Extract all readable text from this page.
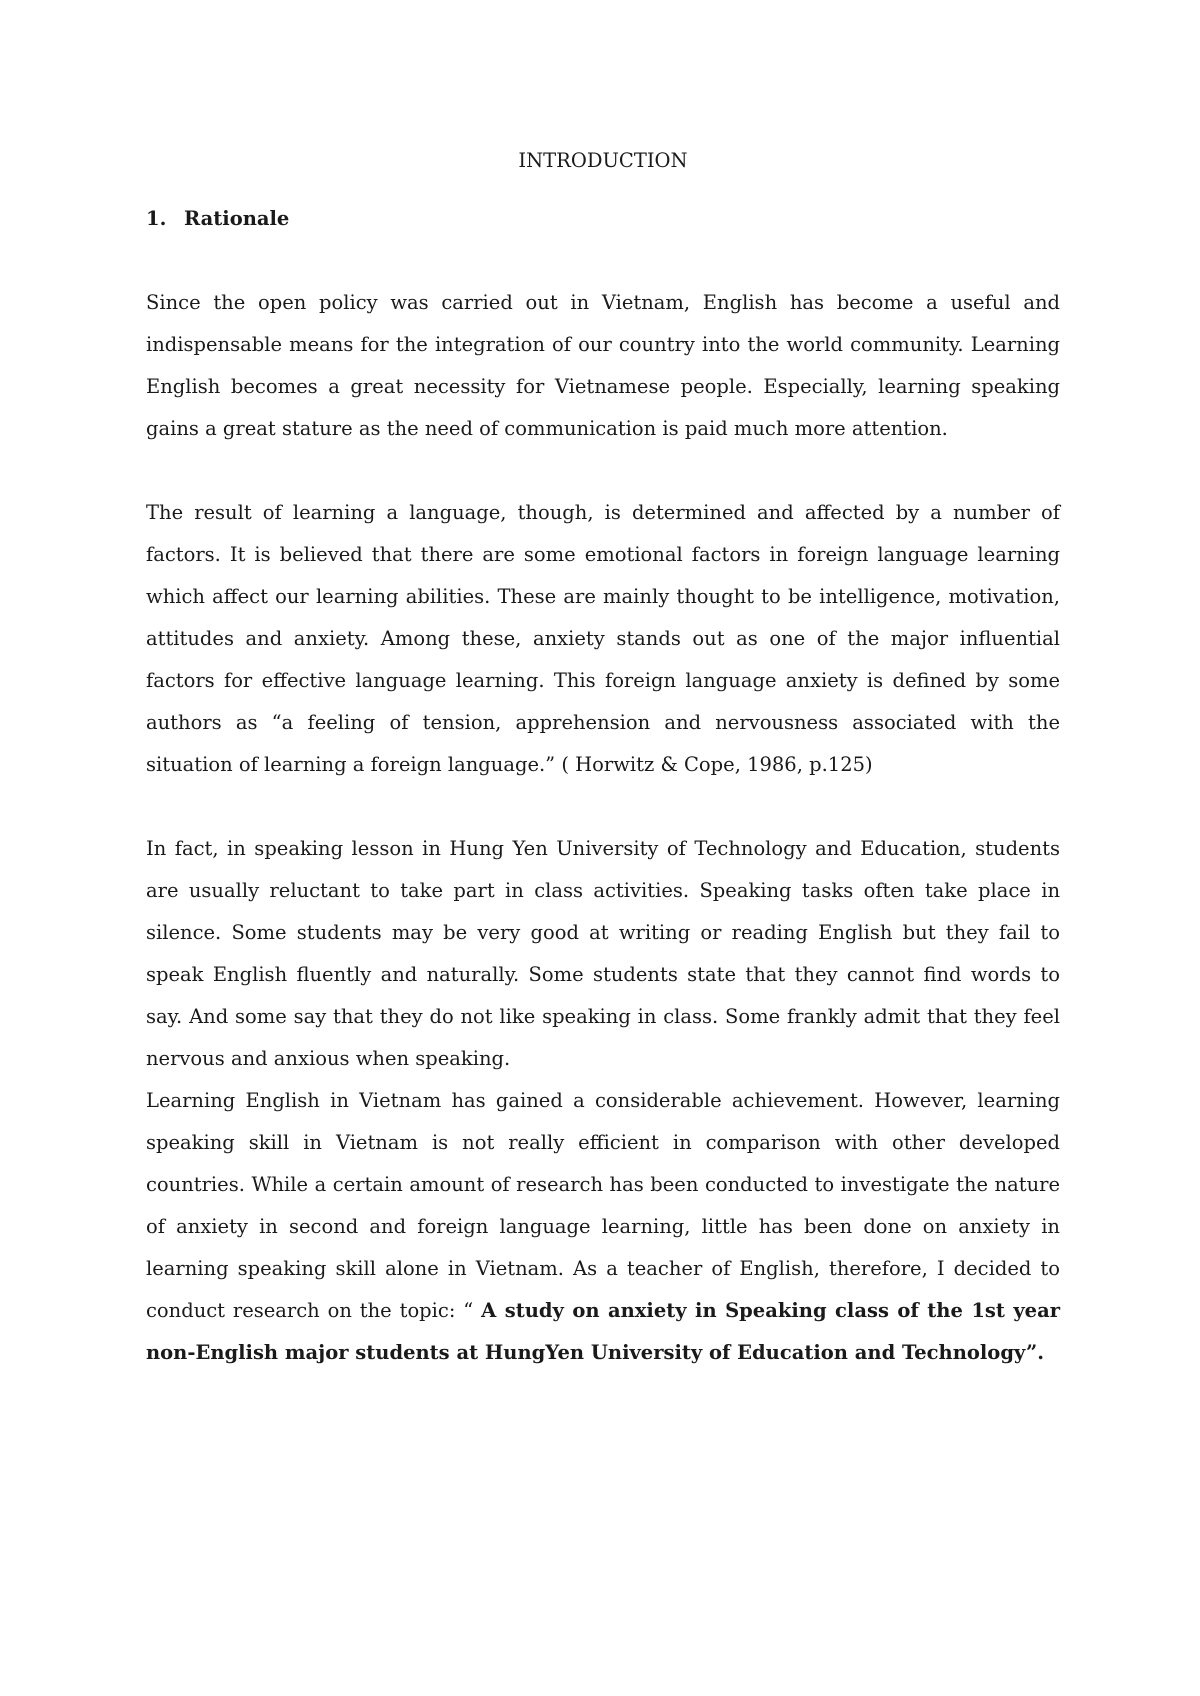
INTRODUCTION

1. Rationale

Since the open policy was carried out in Vietnam, English has become a useful and indispensable means for the integration of our country into the world community. Learning English becomes a great necessity for Vietnamese people. Especially, learning speaking gains a great stature as the need of communication is paid much more attention.

The result of learning a language, though, is determined and affected by a number of factors. It is believed that there are some emotional factors in foreign language learning which affect our learning abilities. These are mainly thought to be intelligence, motivation, attitudes and anxiety. Among these, anxiety stands out as one of the major influential factors for effective language learning. This foreign language anxiety is defined by some authors as “a feeling of tension, apprehension and nervousness associated with the situation of learning a foreign language.” ( Horwitz & Cope, 1986, p.125)

In fact, in speaking lesson in Hung Yen University of Technology and Education, students are usually reluctant to take part in class activities. Speaking tasks often take place in silence. Some students may be very good at writing or reading English but they fail to speak English fluently and naturally. Some students state that they cannot find words to say. And some say that they do not like speaking in class. Some frankly admit that they feel nervous and anxious when speaking.

Learning English in Vietnam has gained a considerable achievement. However, learning speaking skill in Vietnam is not really efficient in comparison with other developed countries. While a certain amount of research has been conducted to investigate the nature of anxiety in second and foreign language learning, little has been done on anxiety in learning speaking skill alone in Vietnam. As a teacher of English, therefore, I decided to conduct research on the topic: “ A study on anxiety in Speaking class of the 1st year non-English major students at HungYen University of Education and Technology”.
